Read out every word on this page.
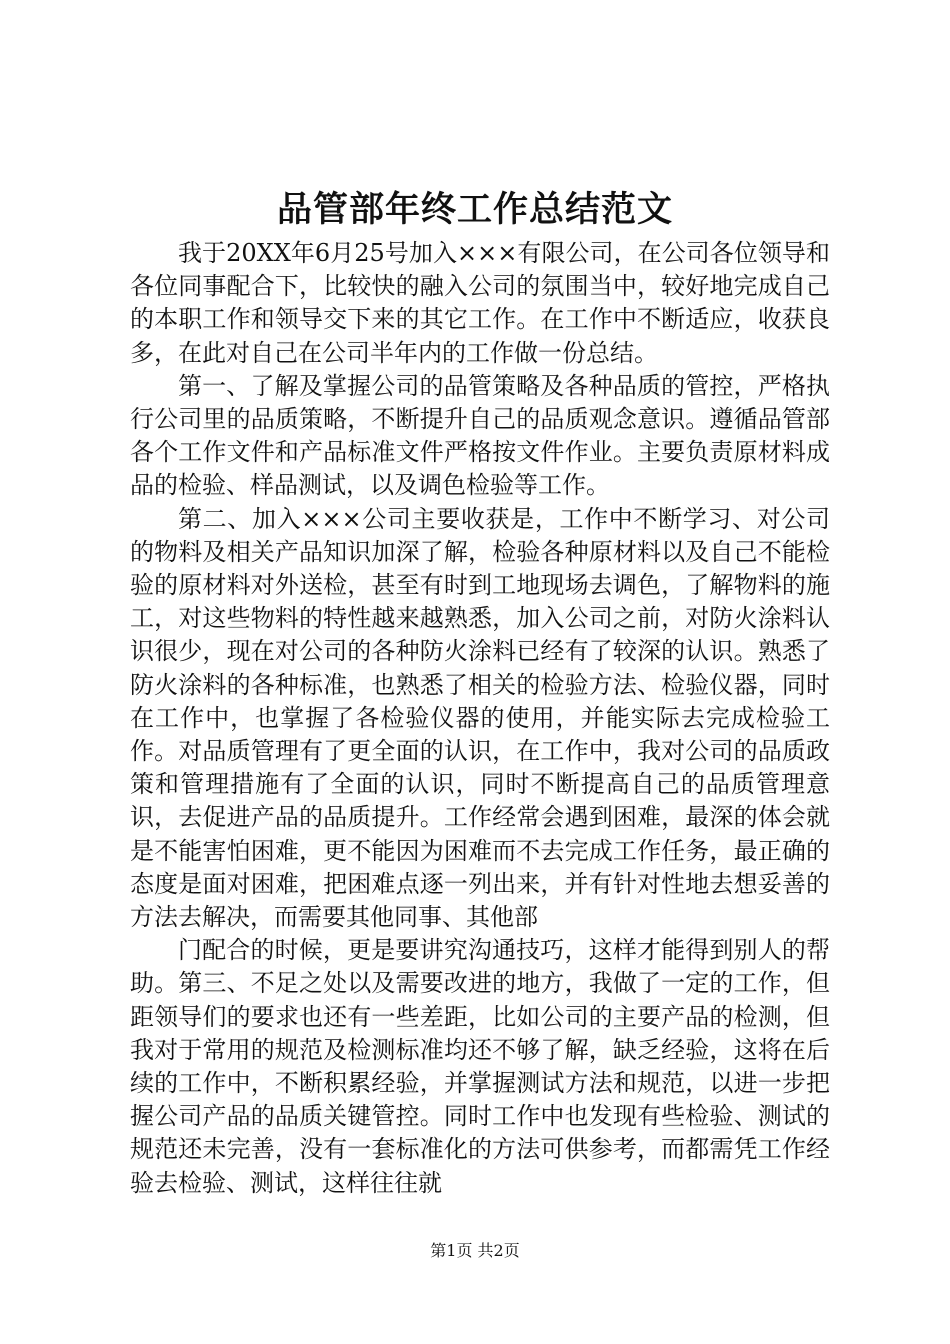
品管部年终工作总结范文

我于20XX年6月25号加入×××有限公司，在公司各位领导和各位同事配合下，比较快的融入公司的氛围当中，较好地完成自己的本职工作和领导交下来的其它工作。在工作中不断适应，收获良多，在此对自己在公司半年内的工作做一份总结。

第一、了解及掌握公司的品管策略及各种品质的管控，严格执行公司里的品质策略，不断提升自己的品质观念意识。遵循品管部各个工作文件和产品标准文件严格按文件作业。主要负责原材料成品的检验、样品测试，以及调色检验等工作。

第二、加入×××公司主要收获是，工作中不断学习、对公司的物料及相关产品知识加深了解，检验各种原材料以及自己不能检验的原材料对外送检，甚至有时到工地现场去调色，了解物料的施工，对这些物料的特性越来越熟悉，加入公司之前，对防火涂料认识很少，现在对公司的各种防火涂料已经有了较深的认识。熟悉了防火涂料的各种标准，也熟悉了相关的检验方法、检验仪器，同时在工作中，也掌握了各检验仪器的使用，并能实际去完成检验工作。对品质管理有了更全面的认识，在工作中，我对公司的品质政策和管理措施有了全面的认识，同时不断提高自己的品质管理意识，去促进产品的品质提升。工作经常会遇到困难，最深的体会就是不能害怕困难，更不能因为困难而不去完成工作任务，最正确的态度是面对困难，把困难点逐一列出来，并有针对性地去想妥善的方法去解决，而需要其他同事、其他部

门配合的时候，更是要讲究沟通技巧，这样才能得到别人的帮助。第三、不足之处以及需要改进的地方，我做了一定的工作，但距领导们的要求也还有一些差距，比如公司的主要产品的检测，但我对于常用的规范及检测标准均还不够了解，缺乏经验，这将在后续的工作中，不断积累经验，并掌握测试方法和规范，以进一步把握公司产品的品质关键管控。同时工作中也发现有些检验、测试的规范还未完善，没有一套标准化的方法可供参考，而都需凭工作经验去检验、测试，这样往往就

第1页 共2页
